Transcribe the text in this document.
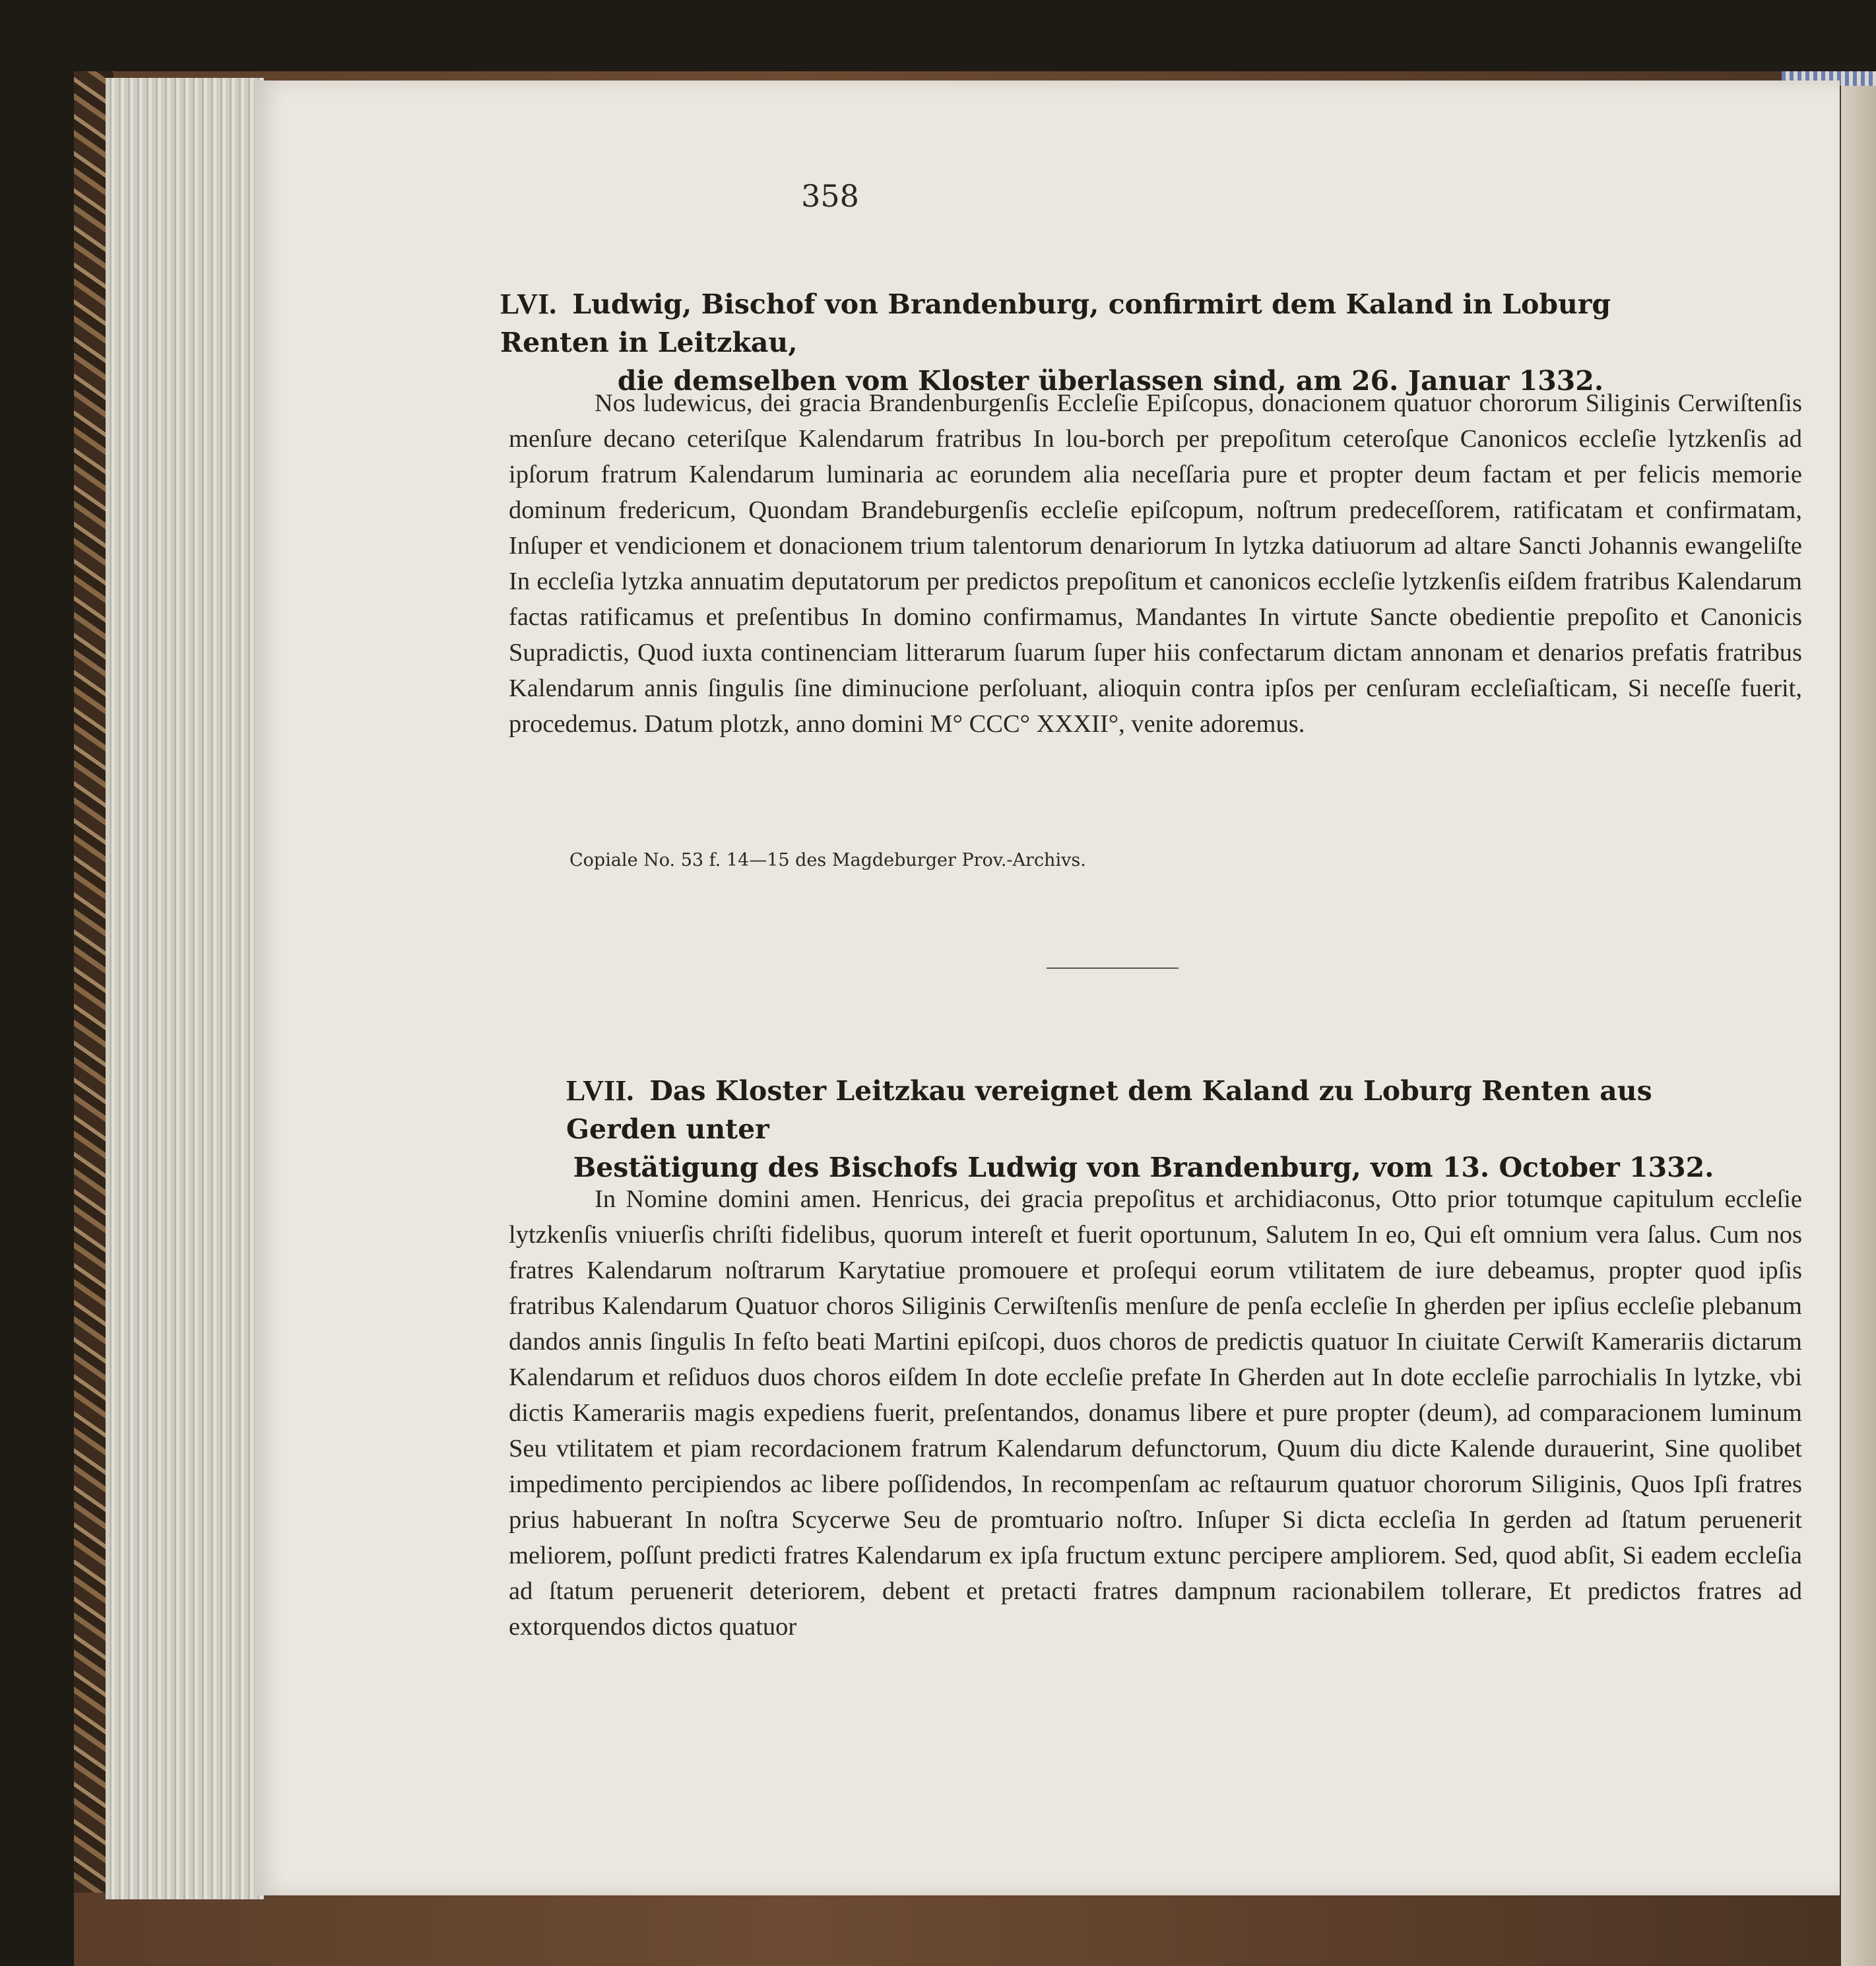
358
LVI. Ludwig, Bischof von Brandenburg, confirmirt dem Kaland in Loburg Renten in Leitzkau,
die demselben vom Kloster überlassen sind, am 26. Januar 1332.
Nos ludewicus, dei gracia Brandenburgenſis Eccleſie Epiſcopus, donacionem quatuor chororum Siliginis Cerwiſtenſis menſure decano ceteriſque Kalendarum fratribus In lou-borch per prepoſitum ceteroſque Canonicos eccleſie lytzkenſis ad ipſorum fratrum Kalendarum luminaria ac eorundem alia neceſſaria pure et propter deum factam et per felicis memorie dominum fredericum, Quondam Brandeburgenſis eccleſie epiſcopum, noſtrum predeceſſorem, ratificatam et confirmatam, Inſuper et vendicionem et donacionem trium talentorum denariorum In lytzka datiuorum ad altare Sancti Johannis ewangeliſte In eccleſia lytzka annuatim deputatorum per predictos prepoſitum et canonicos eccleſie lytzkenſis eiſdem fratribus Kalendarum factas ratificamus et preſentibus In domino confirmamus, Mandantes In virtute Sancte obedientie prepoſito et Canonicis Supradictis, Quod iuxta continenciam litterarum ſuarum ſuper hiis confectarum dictam annonam et denarios prefatis fratribus Kalendarum annis ſingulis ſine diminucione perſoluant, alioquin contra ipſos per cenſuram eccleſiaſticam, Si neceſſe fuerit, procedemus. Datum plotzk, anno domini M° CCC° XXXII°, venite adoremus.
Copiale No. 53 f. 14—15 des Magdeburger Prov.-Archivs.
LVII. Das Kloster Leitzkau vereignet dem Kaland zu Loburg Renten aus Gerden unter
Bestätigung des Bischofs Ludwig von Brandenburg, vom 13. October 1332.
In Nomine domini amen. Henricus, dei gracia prepoſitus et archidiaconus, Otto prior totumque capitulum eccleſie lytzkenſis vniuerſis chriſti fidelibus, quorum intereſt et fuerit oportunum, Salutem In eo, Qui eſt omnium vera ſalus. Cum nos fratres Kalendarum noſtrarum Karytatiue promouere et proſequi eorum vtilitatem de iure debeamus, propter quod ipſis fratribus Kalendarum Quatuor choros Siliginis Cerwiſtenſis menſure de penſa eccleſie In gherden per ipſius eccleſie plebanum dandos annis ſingulis In feſto beati Martini epiſcopi, duos choros de predictis quatuor In ciuitate Cerwiſt Kamerariis dictarum Kalendarum et reſiduos duos choros eiſdem In dote eccleſie prefate In Gherden aut In dote eccleſie parrochialis In lytzke, vbi dictis Kamerariis magis expediens fuerit, preſentandos, donamus libere et pure propter (deum), ad comparacionem luminum Seu vtilitatem et piam recordacionem fratrum Kalendarum defunctorum, Quum diu dicte Kalende durauerint, Sine quolibet impedimento percipiendos ac libere poſſidendos, In recompenſam ac reſtaurum quatuor chororum Siliginis, Quos Ipſi fratres prius habuerant In noſtra Scycerwe Seu de promtuario noſtro. Inſuper Si dicta eccleſia In gerden ad ſtatum peruenerit meliorem, poſſunt predicti fratres Kalendarum ex ipſa fructum extunc percipere ampliorem. Sed, quod abſit, Si eadem eccleſia ad ſtatum peruenerit deteriorem, debent et pretacti fratres dampnum racionabilem tollerare, Et predictos fratres ad extorquendos dictos quatuor
